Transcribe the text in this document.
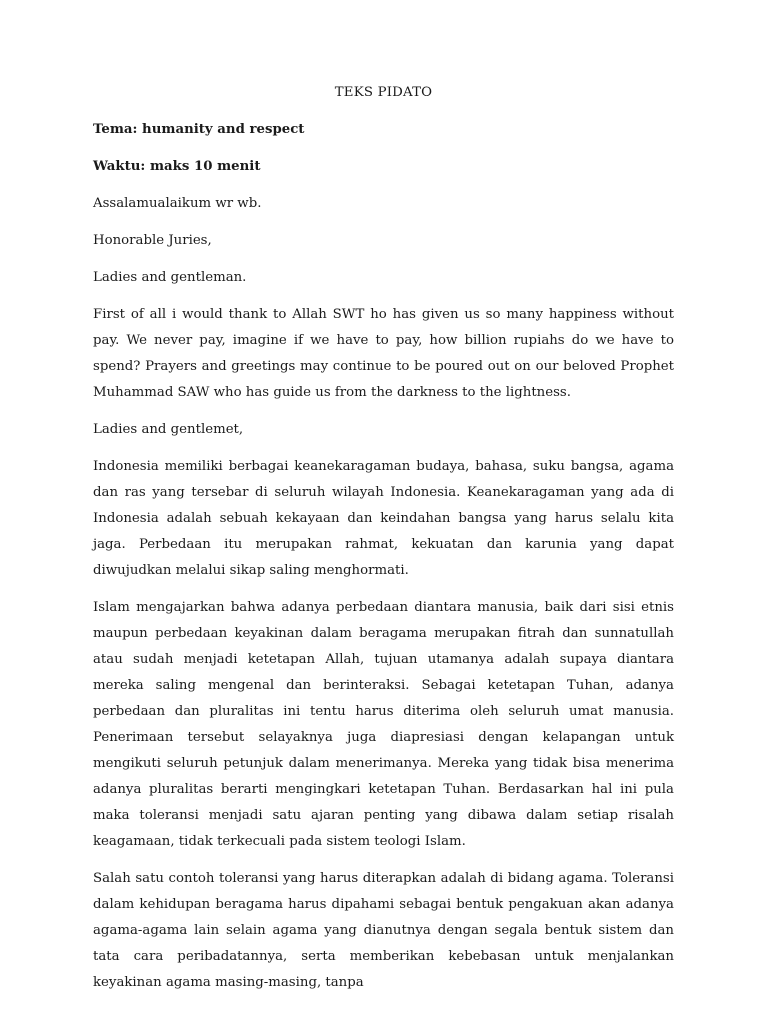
TEKS PIDATO
Tema: humanity and respect
Waktu: maks 10 menit
Assalamualaikum wr wb.
Honorable Juries,
Ladies and gentleman.

First of all i would thank to Allah SWT ho has given us so many happiness without pay. We never pay, imagine if we have to pay, how billion rupiahs do we have to spend? Prayers and greetings may continue to be poured out on our beloved Prophet Muhammad SAW who has guide us from the darkness to the lightness.

Ladies and gentlemet,

Indonesia memiliki berbagai keanekaragaman budaya, bahasa, suku bangsa, agama dan ras yang tersebar di seluruh wilayah Indonesia. Keanekaragaman yang ada di Indonesia adalah sebuah kekayaan dan keindahan bangsa yang harus selalu kita jaga. Perbedaan itu merupakan rahmat, kekuatan dan karunia yang dapat diwujudkan melalui sikap saling menghormati.

Islam mengajarkan bahwa adanya perbedaan diantara manusia, baik dari sisi etnis maupun perbedaan keyakinan dalam beragama merupakan fitrah dan sunnatullah atau sudah menjadi ketetapan Allah, tujuan utamanya adalah supaya diantara mereka saling mengenal dan berinteraksi. Sebagai ketetapan Tuhan, adanya perbedaan dan pluralitas ini tentu harus diterima oleh seluruh umat manusia. Penerimaan tersebut selayaknya juga diapresiasi dengan kelapangan untuk mengikuti seluruh petunjuk dalam menerimanya. Mereka yang tidak bisa menerima adanya pluralitas berarti mengingkari ketetapan Tuhan. Berdasarkan hal ini pula maka toleransi menjadi satu ajaran penting yang dibawa dalam setiap risalah keagamaan, tidak terkecuali pada sistem teologi Islam.

Salah satu contoh toleransi yang harus diterapkan adalah di bidang agama. Toleransi dalam kehidupan beragama harus dipahami sebagai bentuk pengakuan akan adanya agama-agama lain selain agama yang dianutnya dengan segala bentuk sistem dan tata cara peribadatannya, serta memberikan kebebasan untuk menjalankan keyakinan agama masing-masing, tanpa
